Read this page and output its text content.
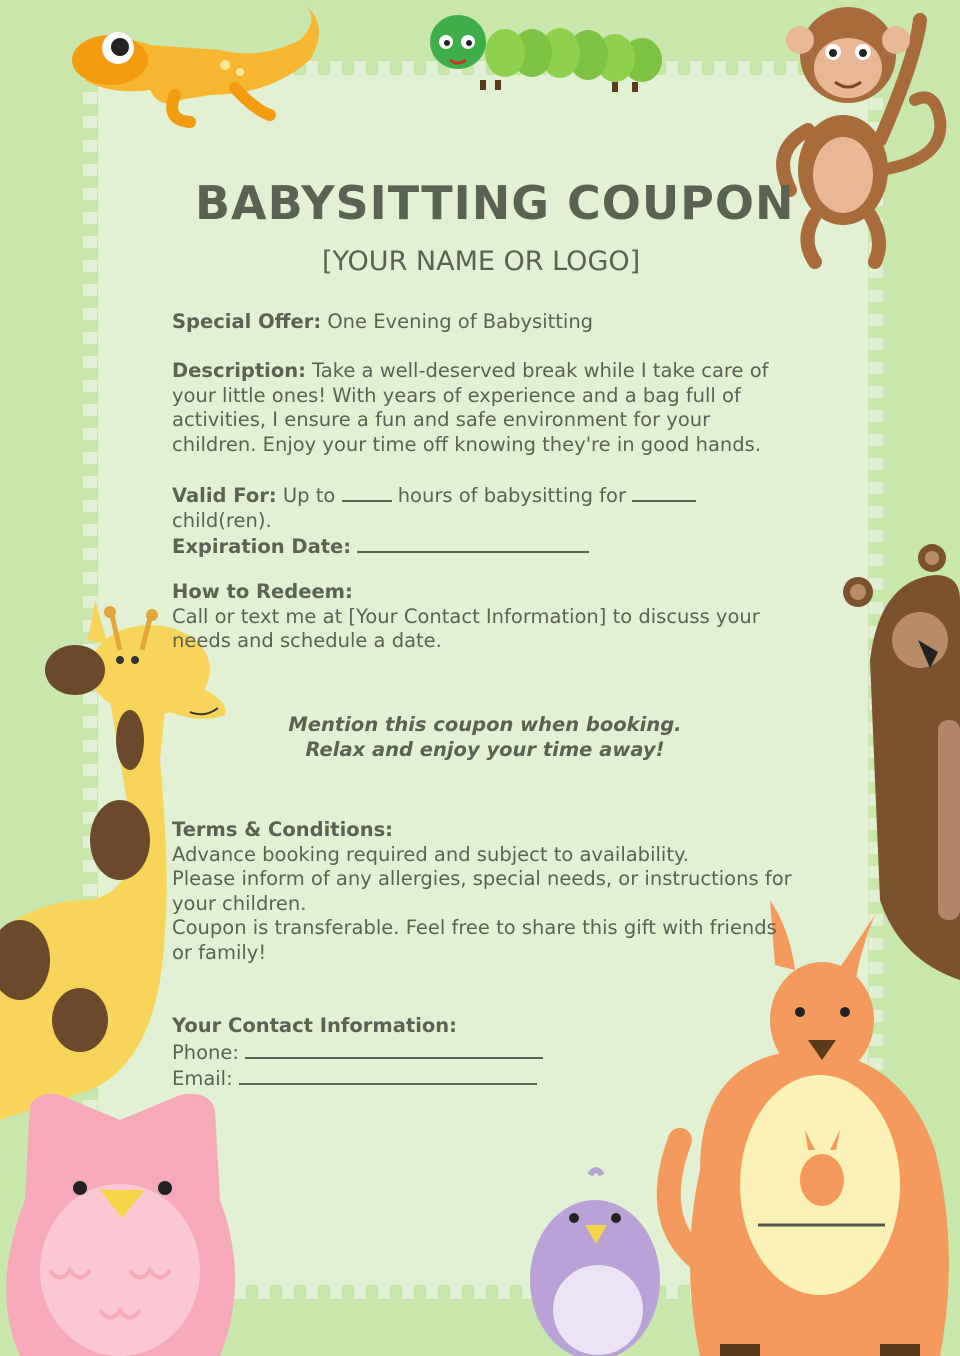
BABYSITTING COUPON
[YOUR NAME OR LOGO]
Special Offer: One Evening of Babysitting

Description: Take a well-deserved break while I take care of

your little ones! With years of experience and a bag full of

activities, I ensure a fun and safe environment for your

children. Enjoy your time off knowing they're in good hands.

Valid For: Up to	hours of babysitting for

child(ren).

Expiration Date:

How to Redeem:

Call or text me at [Your Contact Information] to discuss your

needs and schedule a date.

Mention this coupon when booking.

Relax and enjoy your time away!

Terms & Conditions:

Advance booking required and subject to availability.

Please inform of any allergies, special needs, or instructions for

your children.

Coupon is transferable. Feel free to share this gift with friends

or family!

Your Contact Information:

Phone:

Email:
